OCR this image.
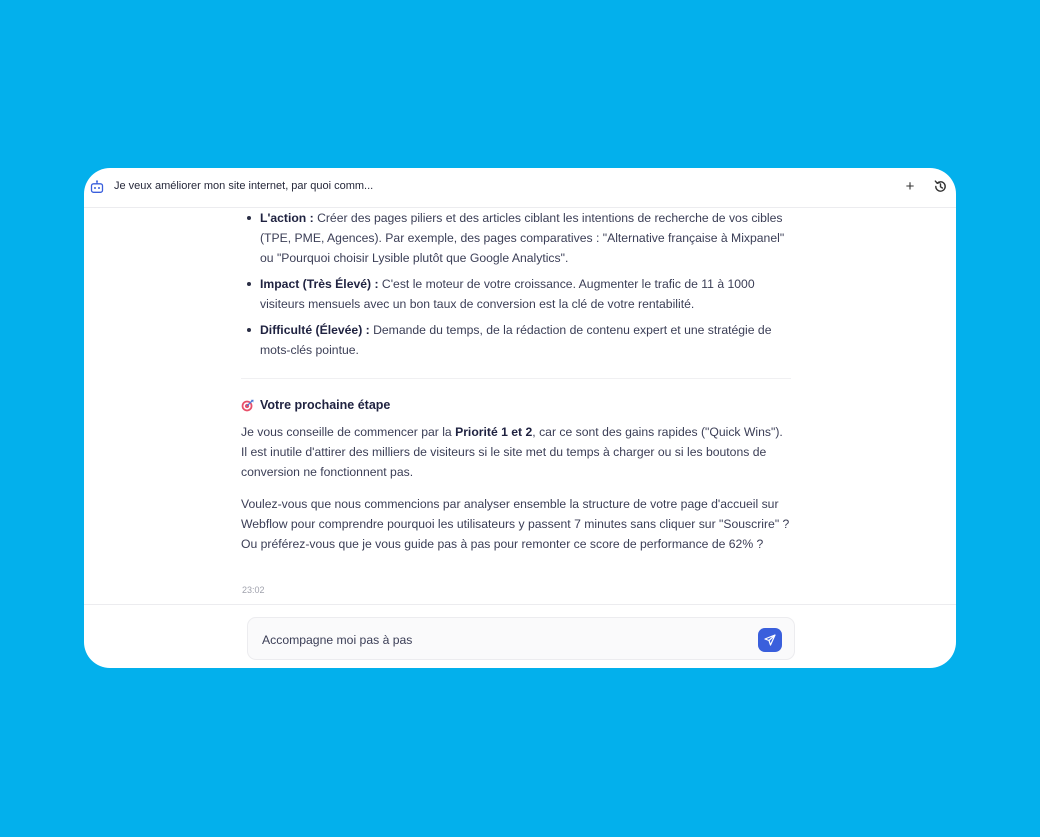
Je veux améliorer mon site internet, par quoi comm...	+
L'action : Créer des pages piliers et des articles ciblant les intentions de recherche de vos cibles (TPE, PME, Agences). Par exemple, des pages comparatives : "Alternative française à Mixpanel" ou "Pourquoi choisir Lysible plutôt que Google Analytics".
Impact (Très Élevé) : C'est le moteur de votre croissance. Augmenter le trafic de 11 à 1000 visiteurs mensuels avec un bon taux de conversion est la clé de votre rentabilité.
Difficulté (Élevée) : Demande du temps, de la rédaction de contenu expert et une stratégie de mots-clés pointue.
Votre prochaine étape
Je vous conseille de commencer par la Priorité 1 et 2, car ce sont des gains rapides ("Quick Wins"). Il est inutile d'attirer des milliers de visiteurs si le site met du temps à charger ou si les boutons de conversion ne fonctionnent pas.
Voulez-vous que nous commencions par analyser ensemble la structure de votre page d'accueil sur Webflow pour comprendre pourquoi les utilisateurs y passent 7 minutes sans cliquer sur "Souscrire" ? Ou préférez-vous que je vous guide pas à pas pour remonter ce score de performance de 62% ?
23:02
Accompagne moi pas à pas
